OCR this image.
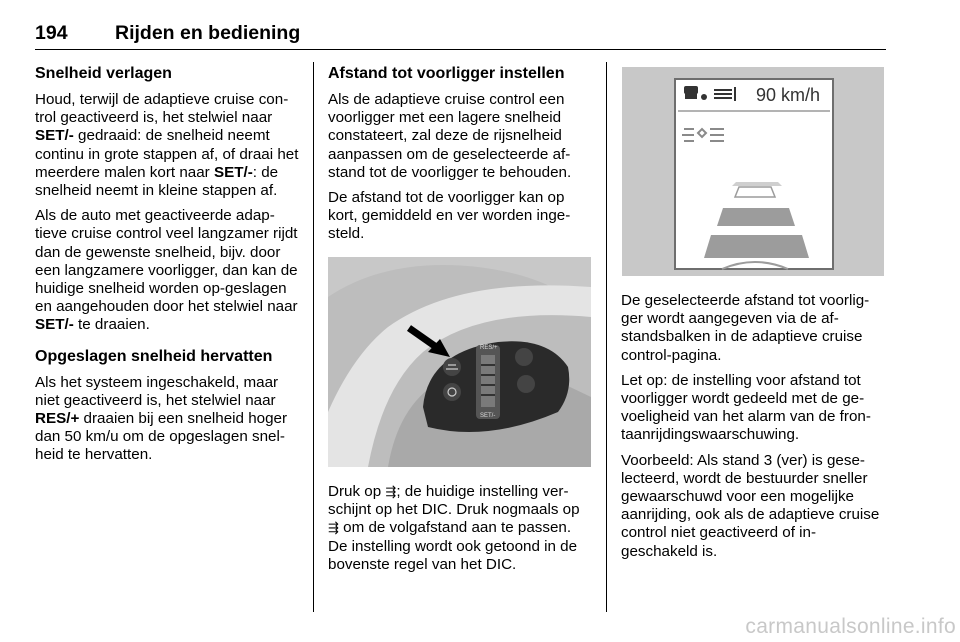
194 Rijden en bediening
Snelheid verlagen

Houd, terwijl de adaptieve cruise con-trol geactiveerd is, het stelwiel naar SET/- gedraaid: de snelheid neemt continu in grote stappen af, of draai het meerdere malen kort naar SET/-: de snelheid neemt in kleine stappen af.

Als de auto met geactiveerde adap-tieve cruise control veel langzamer rijdt dan de gewenste snelheid, bijv. door een langzamere voorligger, dan kan de huidige snelheid worden op-geslagen en aangehouden door het stelwiel naar SET/- te draaien.

Opgeslagen snelheid hervatten

Als het systeem ingeschakeld, maar niet geactiveerd is, het stelwiel naar RES/+ draaien bij een snelheid hoger dan 50 km/u om de opgeslagen snel-heid te hervatten.

Afstand tot voorligger instellen

Als de adaptieve cruise control een voorligger met een lagere snelheid constateert, zal deze de rijsnelheid aanpassen om de geselecteerde af-stand tot de voorligger te behouden.

De afstand tot de voorligger kan op kort, gemiddeld en ver worden inge-steld.

RES/+
SET/-

Druk op ⇶; de huidige instelling ver-schijnt op het DIC. Druk nogmaals op ⇶ om de volgafstand aan te passen. De instelling wordt ook getoond in de bovenste regel van het DIC.

90 km/h

De geselecteerde afstand tot voorlig-ger wordt aangegeven via de af-standsbalken in de adaptieve cruise control-pagina.

Let op: de instelling voor afstand tot voorligger wordt gedeeld met de ge-voeligheid van het alarm van de fron-taanrijdingswaarschuwing.

Voorbeeld: Als stand 3 (ver) is gese-lecteerd, wordt de bestuurder sneller gewaarschuwd voor een mogelijke aanrijding, ook als de adaptieve cruise control niet geactiveerd of in-geschakeld is.

carmanualsonline.info
